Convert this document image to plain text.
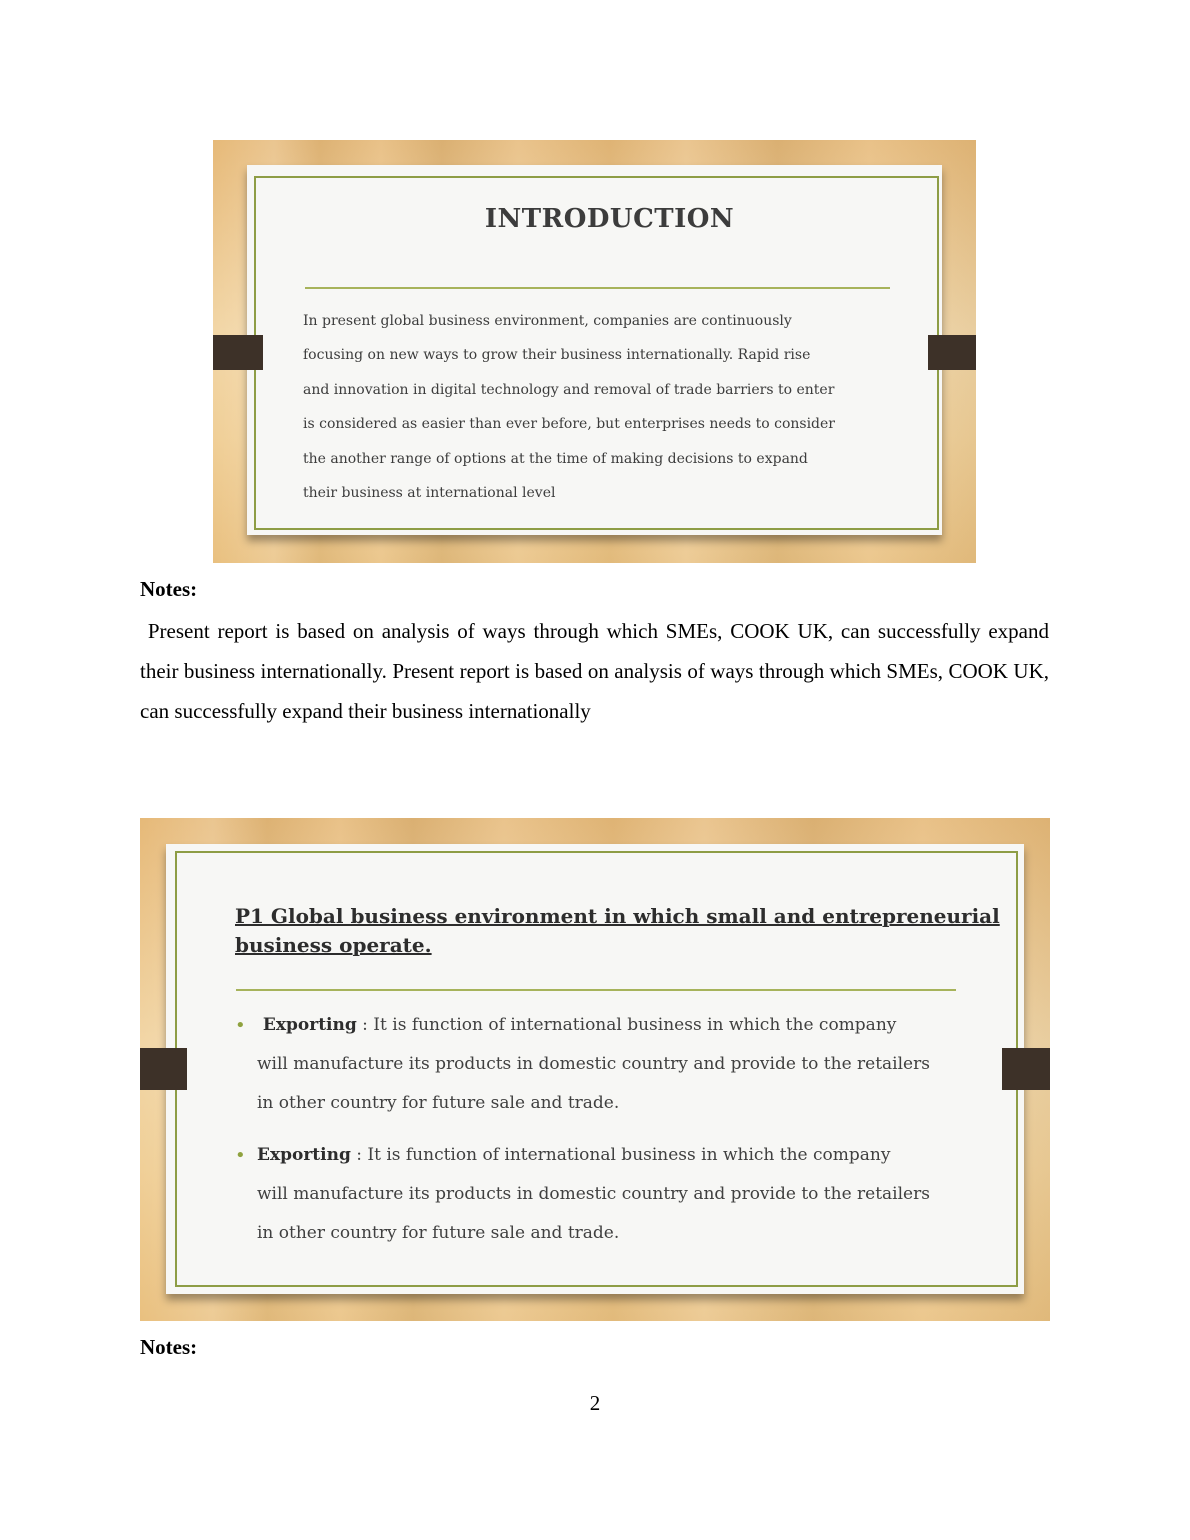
INTRODUCTION
In present global business environment, companies are continuously
focusing on new ways to grow their business internationally. Rapid rise
and innovation in digital technology and removal of trade barriers to enter
is considered as easier than ever before, but enterprises needs to consider
the another range of options at the time of making decisions to expand
their business at international level
Notes:
Present report is based on analysis of ways through which SMEs, COOK UK, can successfully expand their business internationally. Present report is based on analysis of ways through which SMEs, COOK UK, can successfully expand their business internationally
P1 Global business environment in which small and entrepreneurial
business operate.
• Exporting : It is function of international business in which the company
will manufacture its products in domestic country and provide to the retailers
in other country for future sale and trade.
• Exporting : It is function of international business in which the company
will manufacture its products in domestic country and provide to the retailers
in other country for future sale and trade.
Notes:
2
